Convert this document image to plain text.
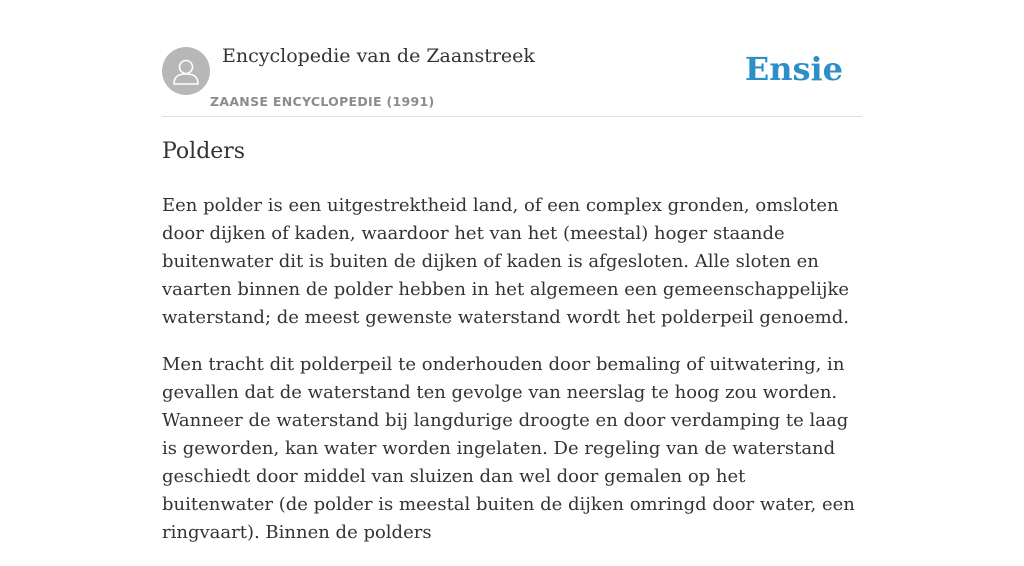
Encyclopedie van de Zaanstreek
ZAANSE ENCYCLOPEDIE (1991)
Ensie
Polders

Een polder is een uitgestrektheid land, of een complex gronden, omsloten door dijken of kaden, waardoor het van het (meestal) hoger staande buitenwater dit is buiten de dijken of kaden is afgesloten. Alle sloten en vaarten binnen de polder hebben in het algemeen een gemeenschappelijke waterstand; de meest gewenste waterstand wordt het polderpeil genoemd.

Men tracht dit polderpeil te onderhouden door bemaling of uitwatering, in gevallen dat de waterstand ten gevolge van neerslag te hoog zou worden. Wanneer de waterstand bij langdurige droogte en door verdamping te laag is geworden, kan water worden ingelaten. De regeling van de waterstand geschiedt door middel van sluizen dan wel door gemalen op het buitenwater (de polder is meestal buiten de dijken omringd door water, een ringvaart). Binnen de polders
